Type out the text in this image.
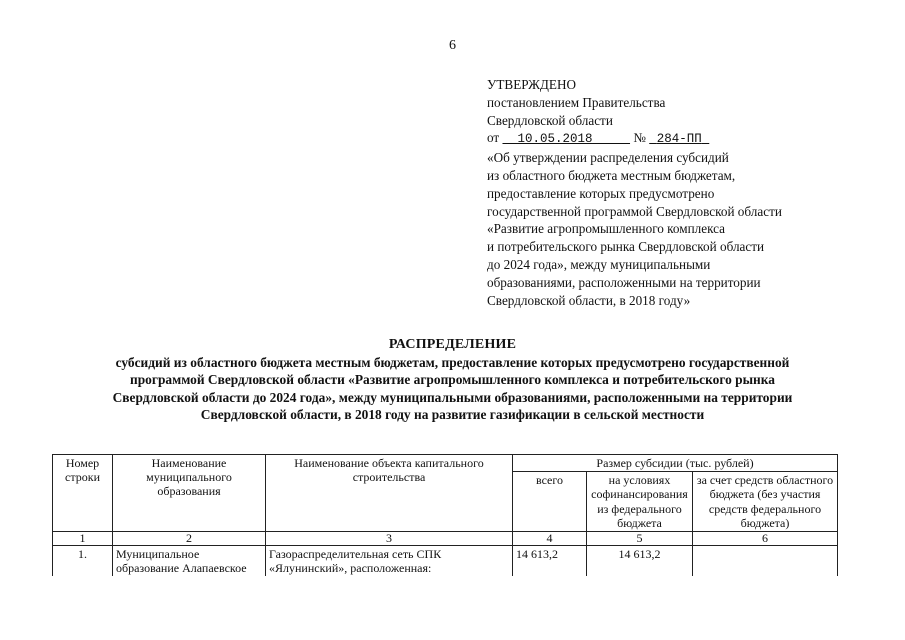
6
УТВЕРЖДЕНО
постановлением Правительства
Свердловской области
от 10.05.2018	№ 284-ПП
«Об утверждении распределения субсидий
из областного бюджета местным бюджетам,
предоставление которых предусмотрено
государственной программой Свердловской области
«Развитие агропромышленного комплекса
и потребительского рынка Свердловской области
до 2024 года», между муниципальными
образованиями, расположенными на территории
Свердловской области, в 2018 году»
РАСПРЕДЕЛЕНИЕ
субсидий из областного бюджета местным бюджетам, предоставление которых предусмотрено государственной
программой Свердловской области «Развитие агропромышленного комплекса и потребительского рынка
Свердловской области до 2024 года», между муниципальными образованиями, расположенными на территории
Свердловской области, в 2018 году на развитие газификации в сельской местности
Номер строки	Наименование муниципального образования	Наименование объекта капитального строительства	Размер субсидии (тыс. рублей)		
			всего	на условиях софинансирования из федерального бюджета	за счет средств областного бюджета (без участия средств федерального бюджета)
1	2	3	4	5	6
1.	Муниципальное образование Алапаевское	Газораспределительная сеть СПК «Ялунинский», расположенная:	14 613,2	14 613,2	
